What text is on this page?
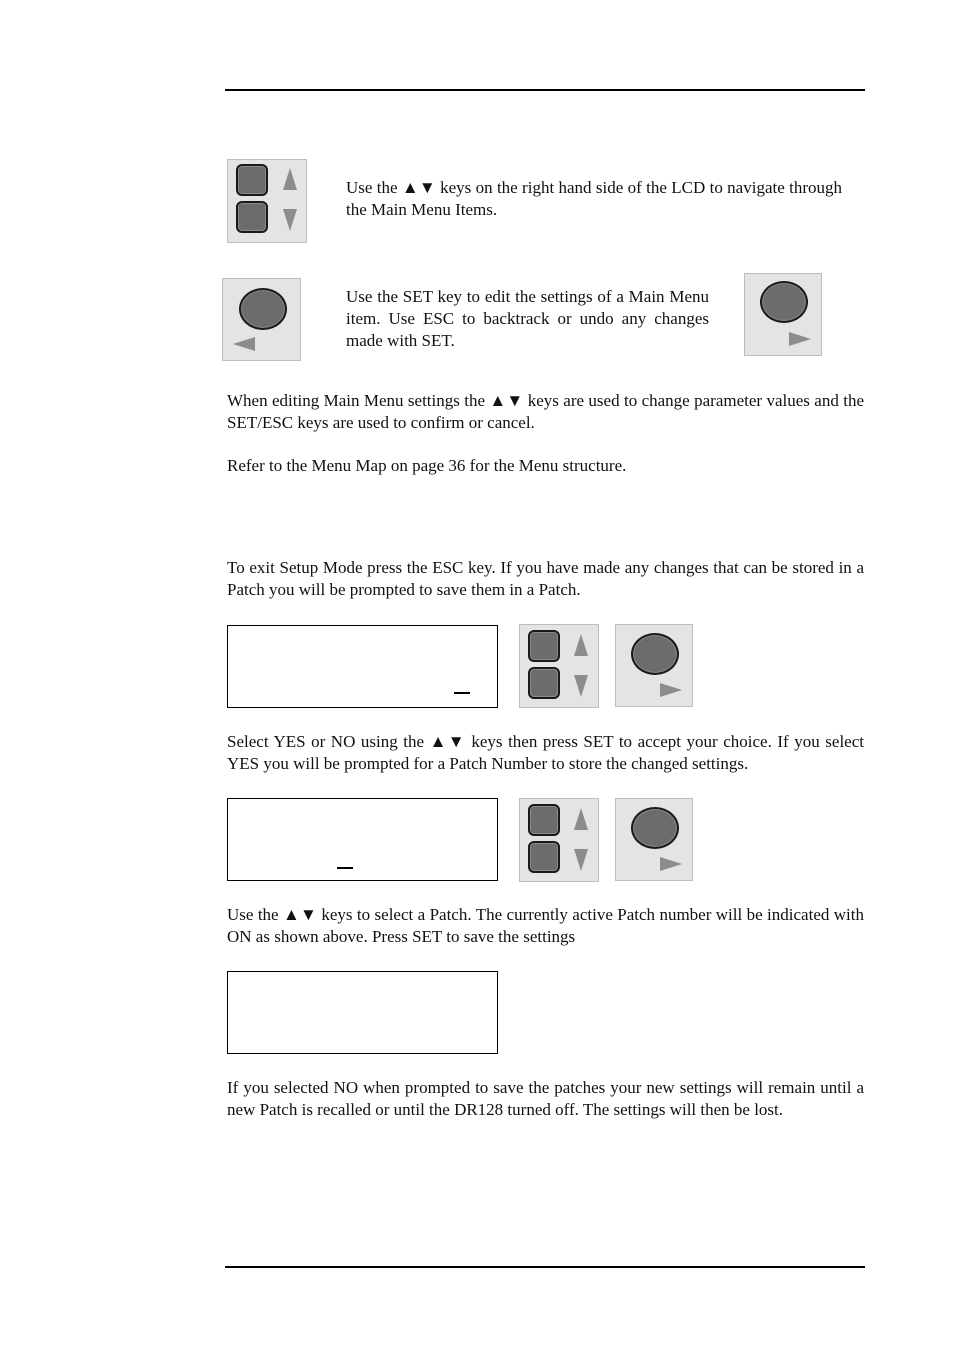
Use the ▲▼ keys on the right hand side of the LCD to navigate through the Main Menu Items.

Use the SET key to edit the settings of a Main Menu item. Use ESC to backtrack or undo any changes made with SET.

When editing Main Menu settings the ▲▼ keys are used to change parameter values and the SET/ESC keys are used to confirm or cancel.

Refer to the Menu Map on page 36 for the Menu structure.

To exit Setup Mode press the ESC key. If you have made any changes that can be stored in a Patch you will be prompted to save them in a Patch.

Select YES or NO using the ▲▼ keys then press SET to accept your choice. If you select YES you will be prompted for a Patch Number to store the changed settings.

Use the ▲▼ keys to select a Patch. The currently active Patch number will be indicated with ON as shown above. Press SET to save the settings

If you selected NO when prompted to save the patches your new settings will remain until a new Patch is recalled or until the DR128 turned off. The settings will then be lost.
